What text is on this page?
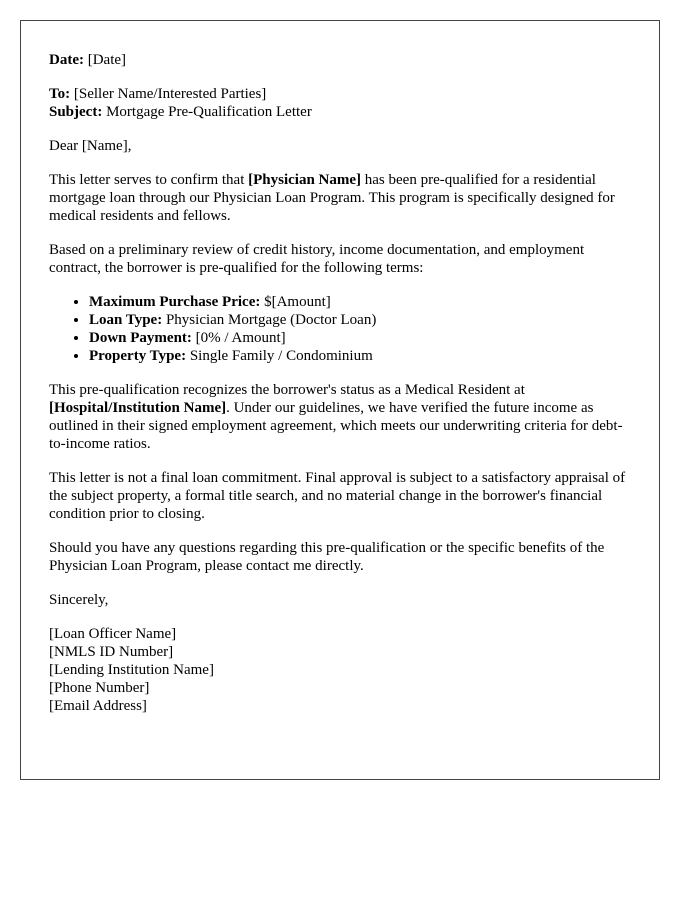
Date: [Date]

To: [Seller Name/Interested Parties]

Subject: Mortgage Pre-Qualification Letter

Dear [Name],

This letter serves to confirm that [Physician Name] has been pre-qualified for a residential mortgage loan through our Physician Loan Program. This program is specifically designed for medical residents and fellows.

Based on a preliminary review of credit history, income documentation, and employment contract, the borrower is pre-qualified for the following terms:

• Maximum Purchase Price: $[Amount]
• Loan Type: Physician Mortgage (Doctor Loan)
• Down Payment: [0% / Amount]
• Property Type: Single Family / Condominium

This pre-qualification recognizes the borrower's status as a Medical Resident at [Hospital/Institution Name]. Under our guidelines, we have verified the future income as outlined in their signed employment agreement, which meets our underwriting criteria for debt-to-income ratios.

This letter is not a final loan commitment. Final approval is subject to a satisfactory appraisal of the subject property, a formal title search, and no material change in the borrower's financial condition prior to closing.

Should you have any questions regarding this pre-qualification or the specific benefits of the Physician Loan Program, please contact me directly.

Sincerely,

[Loan Officer Name]
[NMLS ID Number]
[Lending Institution Name]
[Phone Number]
[Email Address]
